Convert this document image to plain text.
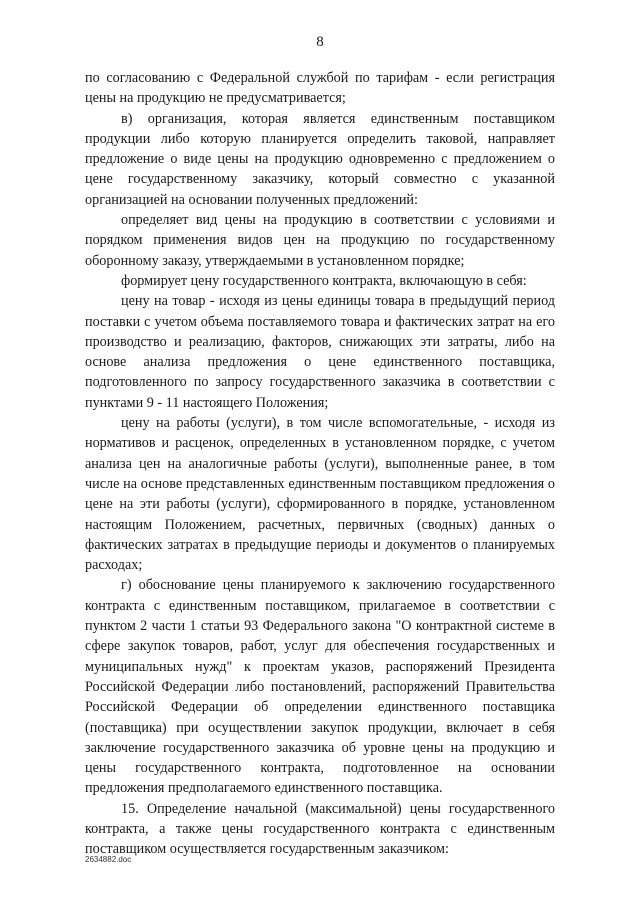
8

по согласованию с Федеральной службой по тарифам - если регистрация цены на продукцию не предусматривается;

в) организация, которая является единственным поставщиком продукции либо которую планируется определить таковой, направляет предложение о виде цены на продукцию одновременно с предложением о цене государственному заказчику, который совместно с указанной организацией на основании полученных предложений:

определяет вид цены на продукцию в соответствии с условиями и порядком применения видов цен на продукцию по государственному оборонному заказу, утверждаемыми в установленном порядке;

формирует цену государственного контракта, включающую в себя:

цену на товар - исходя из цены единицы товара в предыдущий период поставки с учетом объема поставляемого товара и фактических затрат на его производство и реализацию, факторов, снижающих эти затраты, либо на основе анализа предложения о цене единственного поставщика, подготовленного по запросу государственного заказчика в соответствии с пунктами 9 - 11 настоящего Положения;

цену на работы (услуги), в том числе вспомогательные, - исходя из нормативов и расценок, определенных в установленном порядке, с учетом анализа цен на аналогичные работы (услуги), выполненные ранее, в том числе на основе представленных единственным поставщиком предложения о цене на эти работы (услуги), сформированного в порядке, установленном настоящим Положением, расчетных, первичных (сводных) данных о фактических затратах в предыдущие периоды и документов о планируемых расходах;

г) обоснование цены планируемого к заключению государственного контракта с единственным поставщиком, прилагаемое в соответствии с пунктом 2 части 1 статьи 93 Федерального закона "О контрактной системе в сфере закупок товаров, работ, услуг для обеспечения государственных и муниципальных нужд" к проектам указов, распоряжений Президента Российской Федерации либо постановлений, распоряжений Правительства Российской Федерации об определении единственного поставщика (поставщика) при осуществлении закупок продукции, включает в себя заключение государственного заказчика об уровне цены на продукцию и цены государственного контракта, подготовленное на основании предложения предполагаемого единственного поставщика.

15. Определение начальной (максимальной) цены государственного контракта, а также цены государственного контракта с единственным поставщиком осуществляется государственным заказчиком:

2634882.doc
